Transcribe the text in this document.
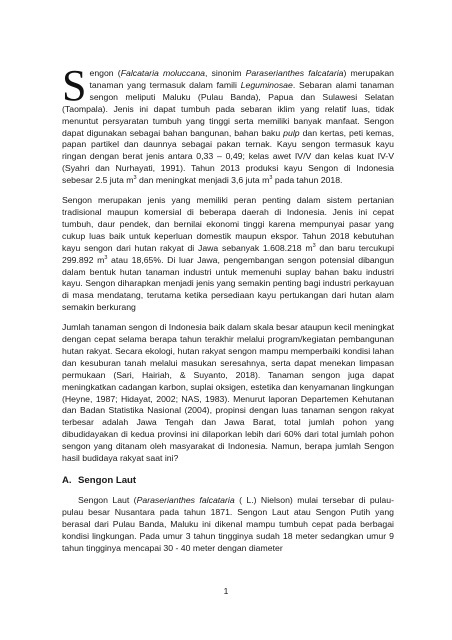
S engon (Falcataria moluccana, sinonim Paraserianthes falcataria) merupakan tanaman yang termasuk dalam famili Leguminosae. Sebaran alami tanaman sengon meliputi Maluku (Pulau Banda), Papua dan Sulawesi Selatan (Taompala). Jenis ini dapat tumbuh pada sebaran iklim yang relatif luas, tidak menuntut persyaratan tumbuh yang tinggi serta memiliki banyak manfaat. Sengon dapat digunakan sebagai bahan bangunan, bahan baku pulp dan kertas, peti kemas, papan partikel dan daunnya sebagai pakan ternak. Kayu sengon termasuk kayu ringan dengan berat jenis antara 0,33 – 0,49; kelas awet IV/V dan kelas kuat IV-V (Syahri dan Nurhayati, 1991). Tahun 2013 produksi kayu Sengon di Indonesia sebesar 2.5 juta $m^3$ dan meningkat menjadi 3,6 juta $m^3$ pada tahun 2018.

Sengon merupakan jenis yang memiliki peran penting dalam sistem pertanian tradisional maupun komersial di beberapa daerah di Indonesia. Jenis ini cepat tumbuh, daur pendek, dan bernilai ekonomi tinggi karena mempunyai pasar yang cukup luas baik untuk keperluan domestik maupun ekspor. Tahun 2018 kebutuhan kayu sengon dari hutan rakyat di Jawa sebanyak 1.608.218 $m^3$ dan baru tercukupi 299.892 $m^3$ atau 18,65%. Di luar Jawa, pengembangan sengon potensial dibangun dalam bentuk hutan tanaman industri untuk memenuhi suplay bahan baku industri kayu. Sengon diharapkan menjadi jenis yang semakin penting bagi industri perkayuan di masa mendatang, terutama ketika persediaan kayu pertukangan dari hutan alam semakin berkurang

Jumlah tanaman sengon di Indonesia baik dalam skala besar ataupun kecil meningkat dengan cepat selama berapa tahun terakhir melalui program/kegiatan pembangunan hutan rakyat. Secara ekologi, hutan rakyat sengon mampu memperbaiki kondisi lahan dan kesuburan tanah melalui masukan seresahnya, serta dapat menekan limpasan permukaan (Sari, Hairiah, & Suyanto, 2018). Tanaman sengon juga dapat meningkatkan cadangan karbon, suplai oksigen, estetika dan kenyamanan lingkungan (Heyne, 1987; Hidayat, 2002; NAS, 1983). Menurut laporan Departemen Kehutanan dan Badan Statistika Nasional (2004), propinsi dengan luas tanaman sengon rakyat terbesar adalah Jawa Tengah dan Jawa Barat, total jumlah pohon yang dibudidayakan di kedua provinsi ini dilaporkan lebih dari 60% dari total jumlah pohon sengon yang ditanam oleh masyarakat di Indonesia. Namun, berapa jumlah Sengon hasil budidaya rakyat saat ini?

A. Sengon Laut

Sengon Laut (Paraserianthes falcataria ( L.) Nielson) mulai tersebar di pulau-pulau besar Nusantara pada tahun 1871. Sengon Laut atau Sengon Putih yang berasal dari Pulau Banda, Maluku ini dikenal mampu tumbuh cepat pada berbagai kondisi lingkungan. Pada umur 3 tahun tingginya sudah 18 meter sedangkan umur 9 tahun tingginya mencapai 30 - 40 meter dengan diameter

1
